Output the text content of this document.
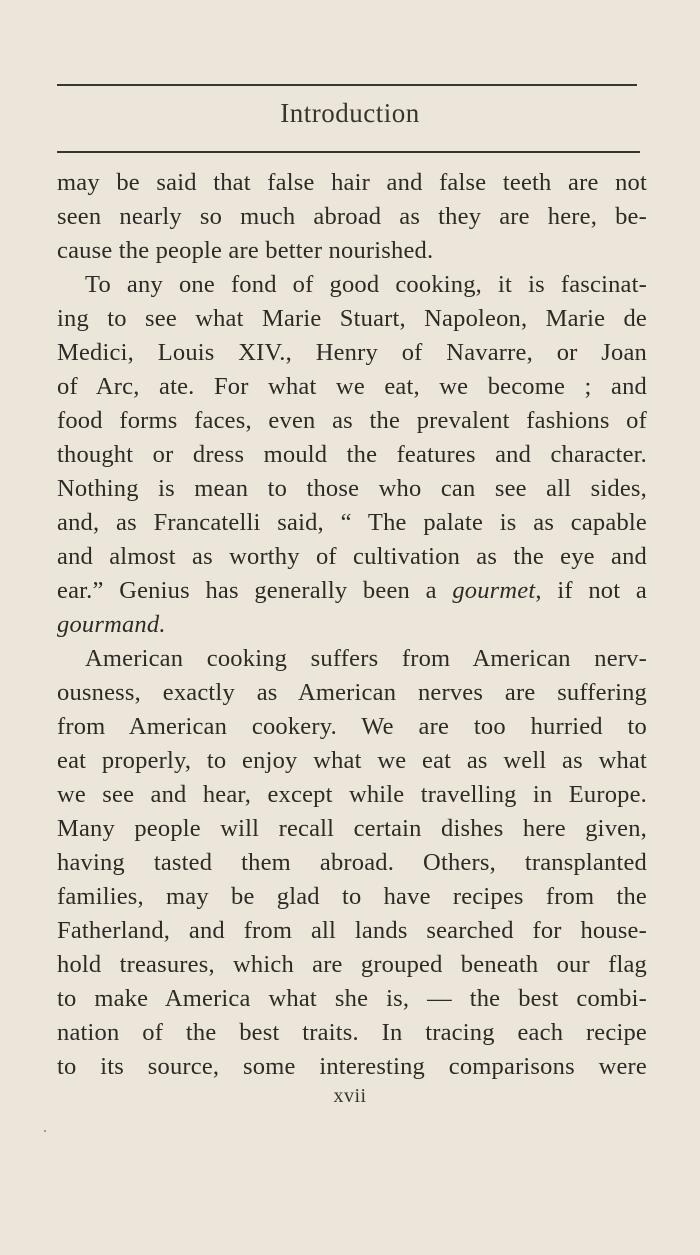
Introduction
may be said that false hair and false teeth are not
seen nearly so much abroad as they are here, be-
cause the people are better nourished.
To any one fond of good cooking, it is fascinat-
ing to see what Marie Stuart, Napoleon, Marie de
Medici, Louis XIV., Henry of Navarre, or Joan
of Arc, ate. For what we eat, we become ; and
food forms faces, even as the prevalent fashions of
thought or dress mould the features and character.
Nothing is mean to those who can see all sides,
and, as Francatelli said, “ The palate is as capable
and almost as worthy of cultivation as the eye and
ear.” Genius has generally been a gourmet, if not a
gourmand.
American cooking suffers from American nerv-
ousness, exactly as American nerves are suffering
from American cookery. We are too hurried to
eat properly, to enjoy what we eat as well as what
we see and hear, except while travelling in Europe.
Many people will recall certain dishes here given,
having tasted them abroad. Others, transplanted
families, may be glad to have recipes from the
Fatherland, and from all lands searched for house-
hold treasures, which are grouped beneath our flag
to make America what she is, — the best combi-
nation of the best traits. In tracing each recipe
to its source, some interesting comparisons were
xvii
